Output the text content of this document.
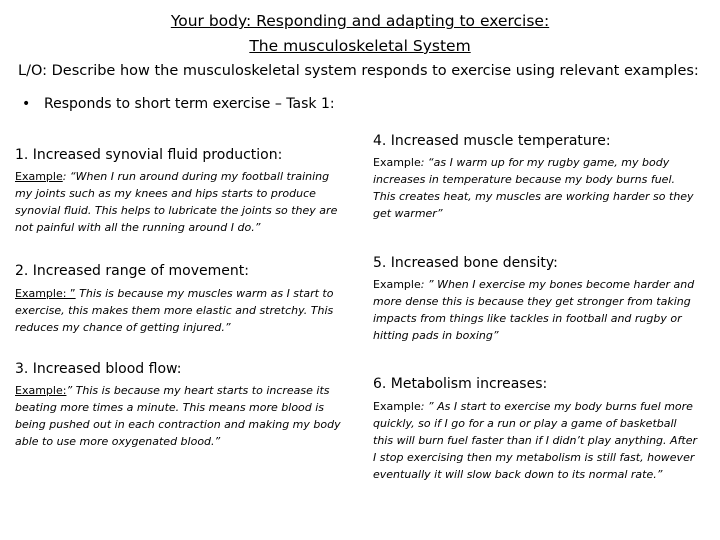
Your body: Responding and adapting to exercise:
The musculoskeletal System
L/O: Describe how the musculoskeletal system responds to exercise using relevant examples:
• Responds to short term exercise – Task 1:
1. Increased synovial fluid production:
Example: “When I run around during my football training my joints such as my knees and hips starts to produce synovial fluid. This helps to lubricate the joints so they are not painful with all the running around I do.”
2. Increased range of movement:
Example: ” This is because my muscles warm as I start to exercise, this makes them more elastic and stretchy. This reduces my chance of getting injured.”
3. Increased blood flow:
Example:” This is because my heart starts to increase its beating more times a minute. This means more blood is being pushed out in each contraction and making my body able to use more oxygenated blood.”
4. Increased muscle temperature:
Example: “as I warm up for my rugby game, my body increases in temperature because my body burns fuel. This creates heat, my muscles are working harder so they get warmer”
5. Increased bone density:
Example: ” When I exercise my bones become harder and more dense this is because they get stronger from taking impacts from things like tackles in football and rugby or hitting pads in boxing”
6. Metabolism increases:
Example: ” As I start to exercise my body burns fuel more quickly, so if I go for a run or play a game of basketball this will burn fuel faster than if I didn’t play anything. After I stop exercising then my metabolism is still fast, however eventually it will slow back down to its normal rate.”
